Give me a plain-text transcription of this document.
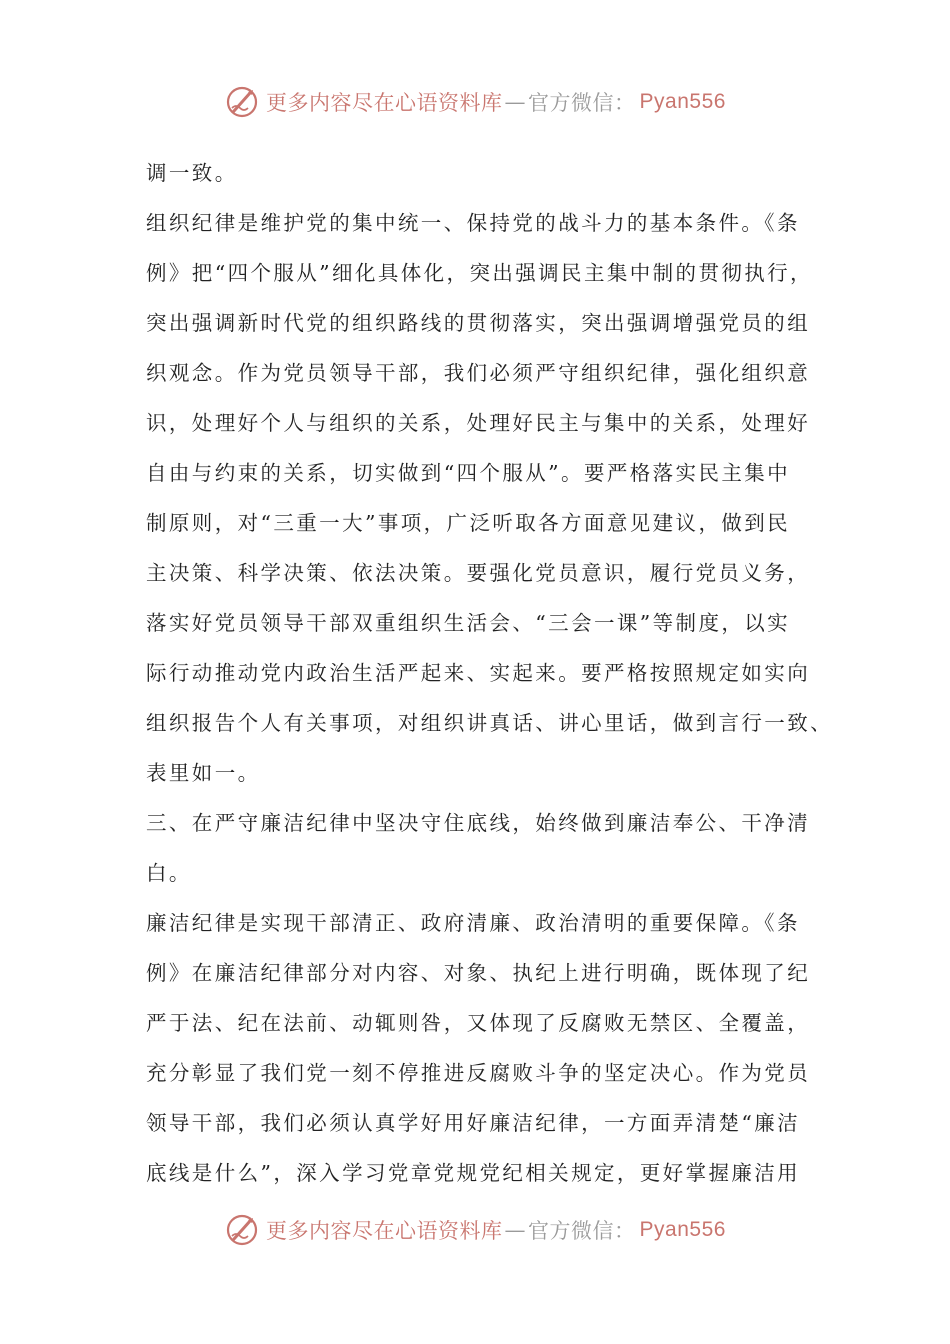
更多内容尽在心语资料库 — 官方微信： Pyan556

调一致。

组织纪律是维护党的集中统一、保持党的战斗力的基本条件。《条

例》把“四个服从”细化具体化，突出强调民主集中制的贯彻执行，

突出强调新时代党的组织路线的贯彻落实，突出强调增强党员的组

织观念。作为党员领导干部，我们必须严守组织纪律，强化组织意

识，处理好个人与组织的关系，处理好民主与集中的关系，处理好

自由与约束的关系，切实做到“四个服从”。要严格落实民主集中

制原则，对“三重一大”事项，广泛听取各方面意见建议，做到民

主决策、科学决策、依法决策。要强化党员意识，履行党员义务，

落实好党员领导干部双重组织生活会、“三会一课”等制度，以实

际行动推动党内政治生活严起来、实起来。要严格按照规定如实向

组织报告个人有关事项，对组织讲真话、讲心里话，做到言行一致、

表里如一。

三、在严守廉洁纪律中坚决守住底线，始终做到廉洁奉公、干净清

白。

廉洁纪律是实现干部清正、政府清廉、政治清明的重要保障。《条

例》在廉洁纪律部分对内容、对象、执纪上进行明确，既体现了纪

严于法、纪在法前、动辄则咎，又体现了反腐败无禁区、全覆盖，

充分彰显了我们党一刻不停推进反腐败斗争的坚定决心。作为党员

领导干部，我们必须认真学好用好廉洁纪律，一方面弄清楚“廉洁

底线是什么”，深入学习党章党规党纪相关规定，更好掌握廉洁用

更多内容尽在心语资料库 — 官方微信： Pyan556
